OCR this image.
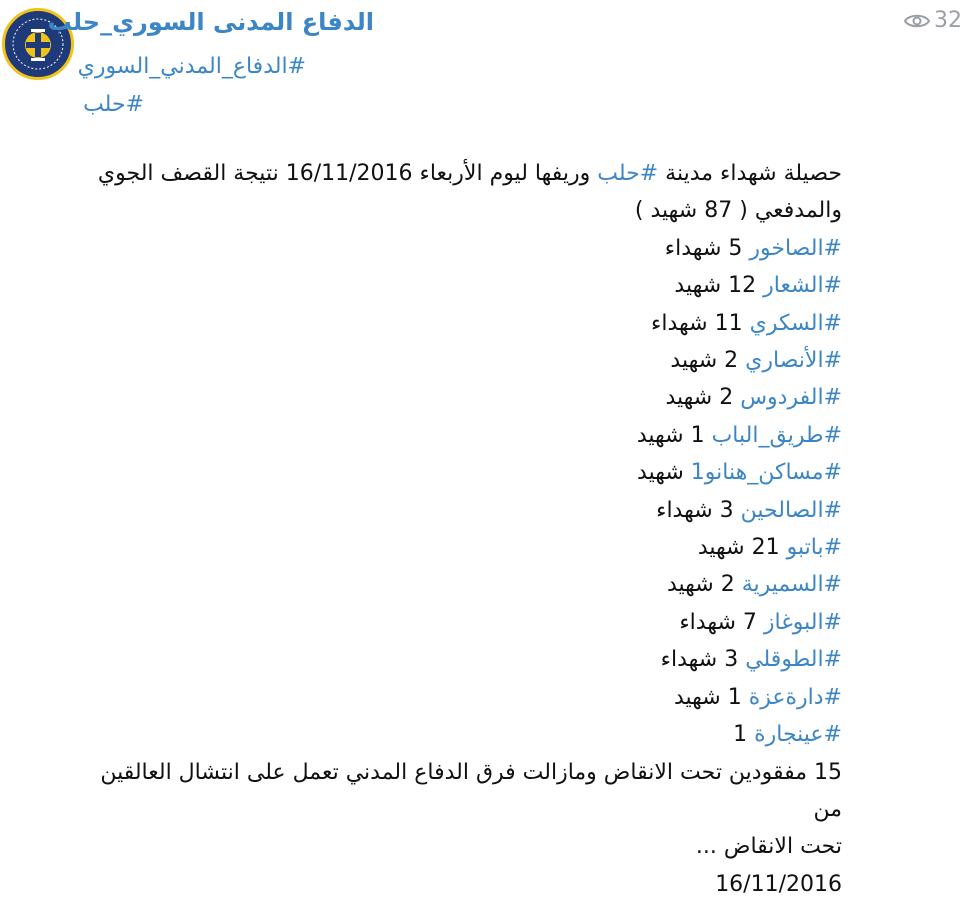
الدفاع المدنى السوري_حلب
#الدفاع_المدني_السوري
#حلب
32
حصيلة شهداء مدينة #حلب وريفها ليوم الأربعاء 16/11/2016 نتيجة القصف الجوي
والمدفعي ( 87 شهيد )
#الصاخور 5 شهداء
#الشعار 12 شهيد
#السكري 11 شهداء
#الأنصاري 2 شهيد
#الفردوس 2 شهيد
#طريق_الباب 1 شهيد
#مساكن_هنانو1 شهيد
#الصالحين 3 شهداء
#باتبو 21 شهيد
#السميرية 2 شهيد
#البوغاز 7 شهداء
#الطوقلي 3 شهداء
#دارةعزة 1 شهيد
#عينجارة 1
15 مفقودين تحت الانقاض ومازالت فرق الدفاع المدني تعمل على انتشال العالقين من
تحت الانقاض ...
16/11/2016
